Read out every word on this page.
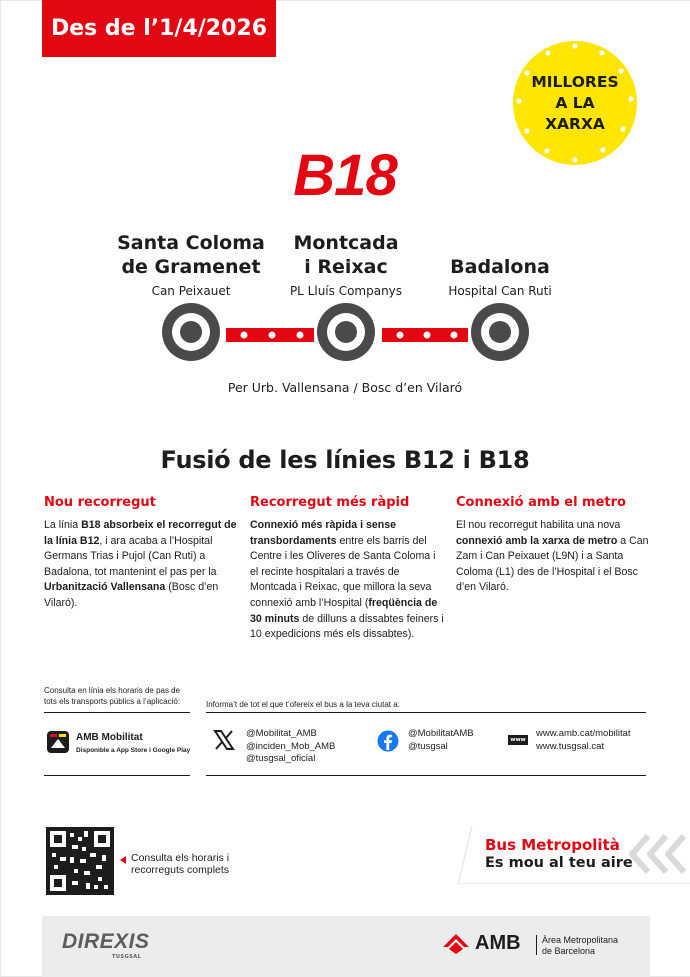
Des de l’1/4/2026
MILLORES
A LA
XARXA
B18
Santa Coloma
de Gramenet
Can Peixauet
Montcada
i Reixac
PL Lluís Companys
Badalona
Hospital Can Ruti
Per Urb. Vallensana / Bosc d’en Vilaró
Fusió de les línies B12 i B18
Nou recorregut
La línia B18 absorbeix el recorregut de la línia B12, i ara acaba a l’Hospital Germans Trias i Pujol (Can Ruti) a Badalona, tot mantenint el pas per la Urbanització Vallensana (Bosc d’en Vilaró).
Recorregut més ràpid
Connexió més ràpida i sense transbordaments entre els barris del Centre i les Oliveres de Santa Coloma i el recinte hospitalari a través de Montcada i Reixac, que millora la seva connexió amb l’Hospital (freqüència de 30 minuts de dilluns a dissabtes feiners i 10 expedicions més els dissabtes).
Connexió amb el metro
El nou recorregut habilita una nova connexió amb la xarxa de metro a Can Zam i Can Peixauet (L9N) i a Santa Coloma (L1) des de l’Hospital i el Bosc d’en Vilaró.
Consulta en línia els horaris de pas de tots els transports públics a l’aplicació:	Informa’t de tot el que t’ofereix el bus a la teva ciutat a:
AMB Mobilitat
Disponible a App Store i Google Play
@Mobilitat_AMB
@inciden_Mob_AMB
@tusgsal_oficial
@MobilitatAMB
@tusgsal
www
www.amb.cat/mobilitat
www.tusgsal.cat
Consulta els horaris i
recorreguts complets
Bus Metropolità
Es mou al teu aire
DIREXIS
TUSGSAL
AMB Àrea Metropolitana
de Barcelona
